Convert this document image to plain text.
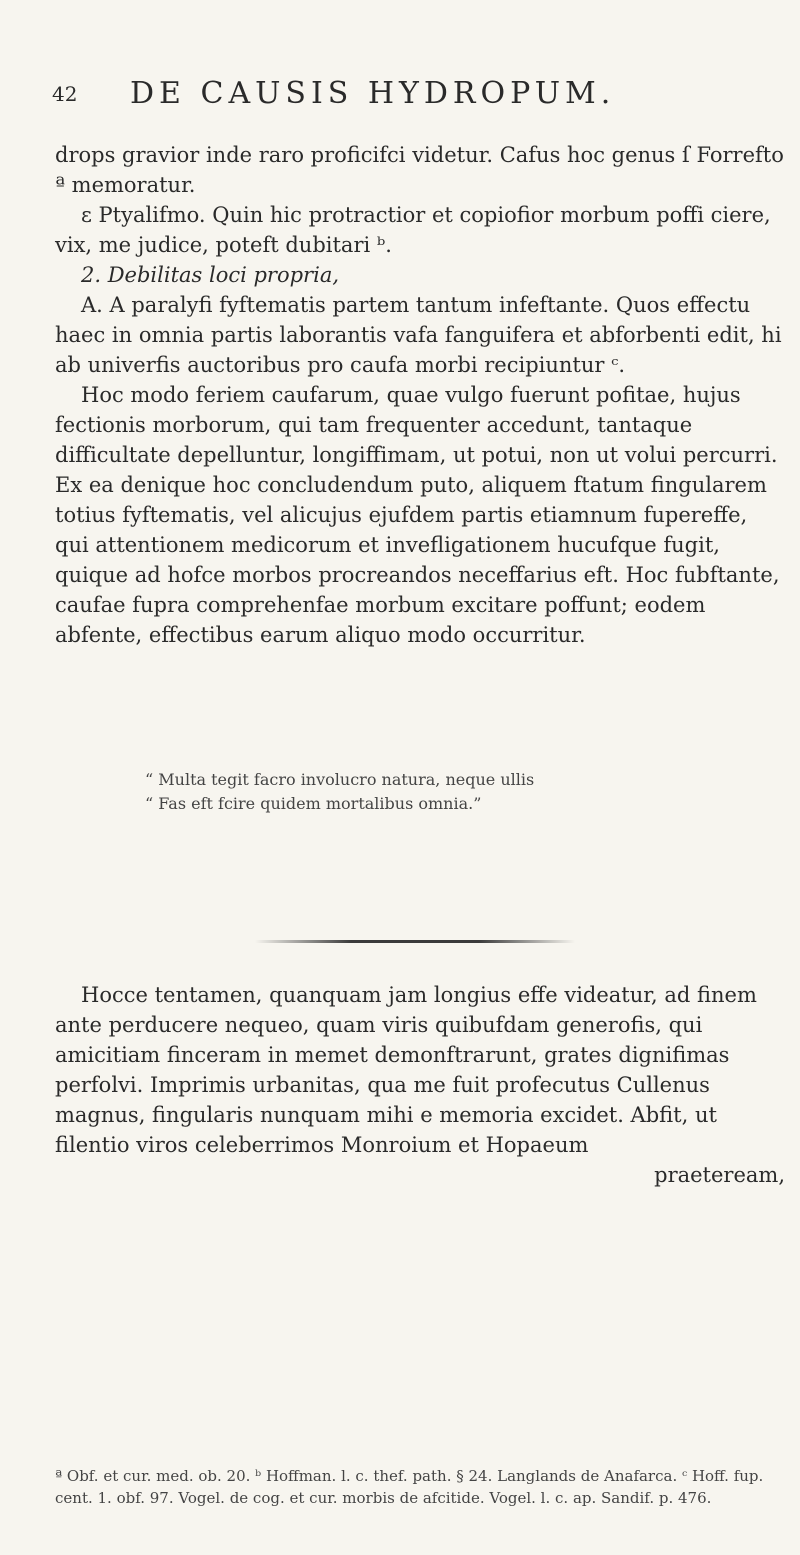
42 DE CAUSIS HYDROPUM.

drops gravior inde raro proficifci videtur. Cafus hoc genus ſ Forrefto ª memoratur.

ε Ptyalifmo. Quin hic protractior et copiofior morbum poffi ciere, vix, me judice, poteft dubitari ᵇ.

2. Debilitas loci propria,

A. A paralyfi fyftematis partem tantum infeftante. Quos effectu haec in omnia partis laborantis vafa fanguifera et abforbenti edit, hi ab univerfis auctoribus pro caufa morbi recipiuntur ᶜ.

Hoc modo feriem caufarum, quae vulgo fuerunt pofitae, hujus fectionis morborum, qui tam frequenter accedunt, tantaque difficultate depelluntur, longiffimam, ut potui, non ut volui percurri. Ex ea denique hoc concludendum puto, aliquem ftatum fingularem totius fyftematis, vel alicujus ejufdem partis etiamnum fupereffe, qui attentionem medicorum et invefligationem hucufque fugit, quique ad hofce morbos procreandos neceffarius eft. Hoc fubftante, caufae fupra comprehenfae morbum excitare poffunt; eodem abfente, effectibus earum aliquo modo occurritur.

“ Multa tegit facro involucro natura, neque ullis

“ Fas eft fcire quidem mortalibus omnia.”

Hocce tentamen, quanquam jam longius effe videatur, ad finem ante perducere nequeo, quam viris quibufdam generofis, qui amicitiam finceram in memet demonftrarunt, grates dignifimas perfolvi. Imprimis urbanitas, qua me fuit profecutus Cullenus magnus, fingularis nunquam mihi e memoria excidet. Abfit, ut filentio viros celeberrimos Monroium et Hopaeum

praeteream,

ª Obf. et cur. med. ob. 20. ᵇ Hoffman. l. c. thef. path. § 24. Langlands de Anafarca. ᶜ Hoff. fup. cent. 1. obf. 97. Vogel. de cog. et cur. morbis de afcitide. Vogel. l. c. ap. Sandif. p. 476.
